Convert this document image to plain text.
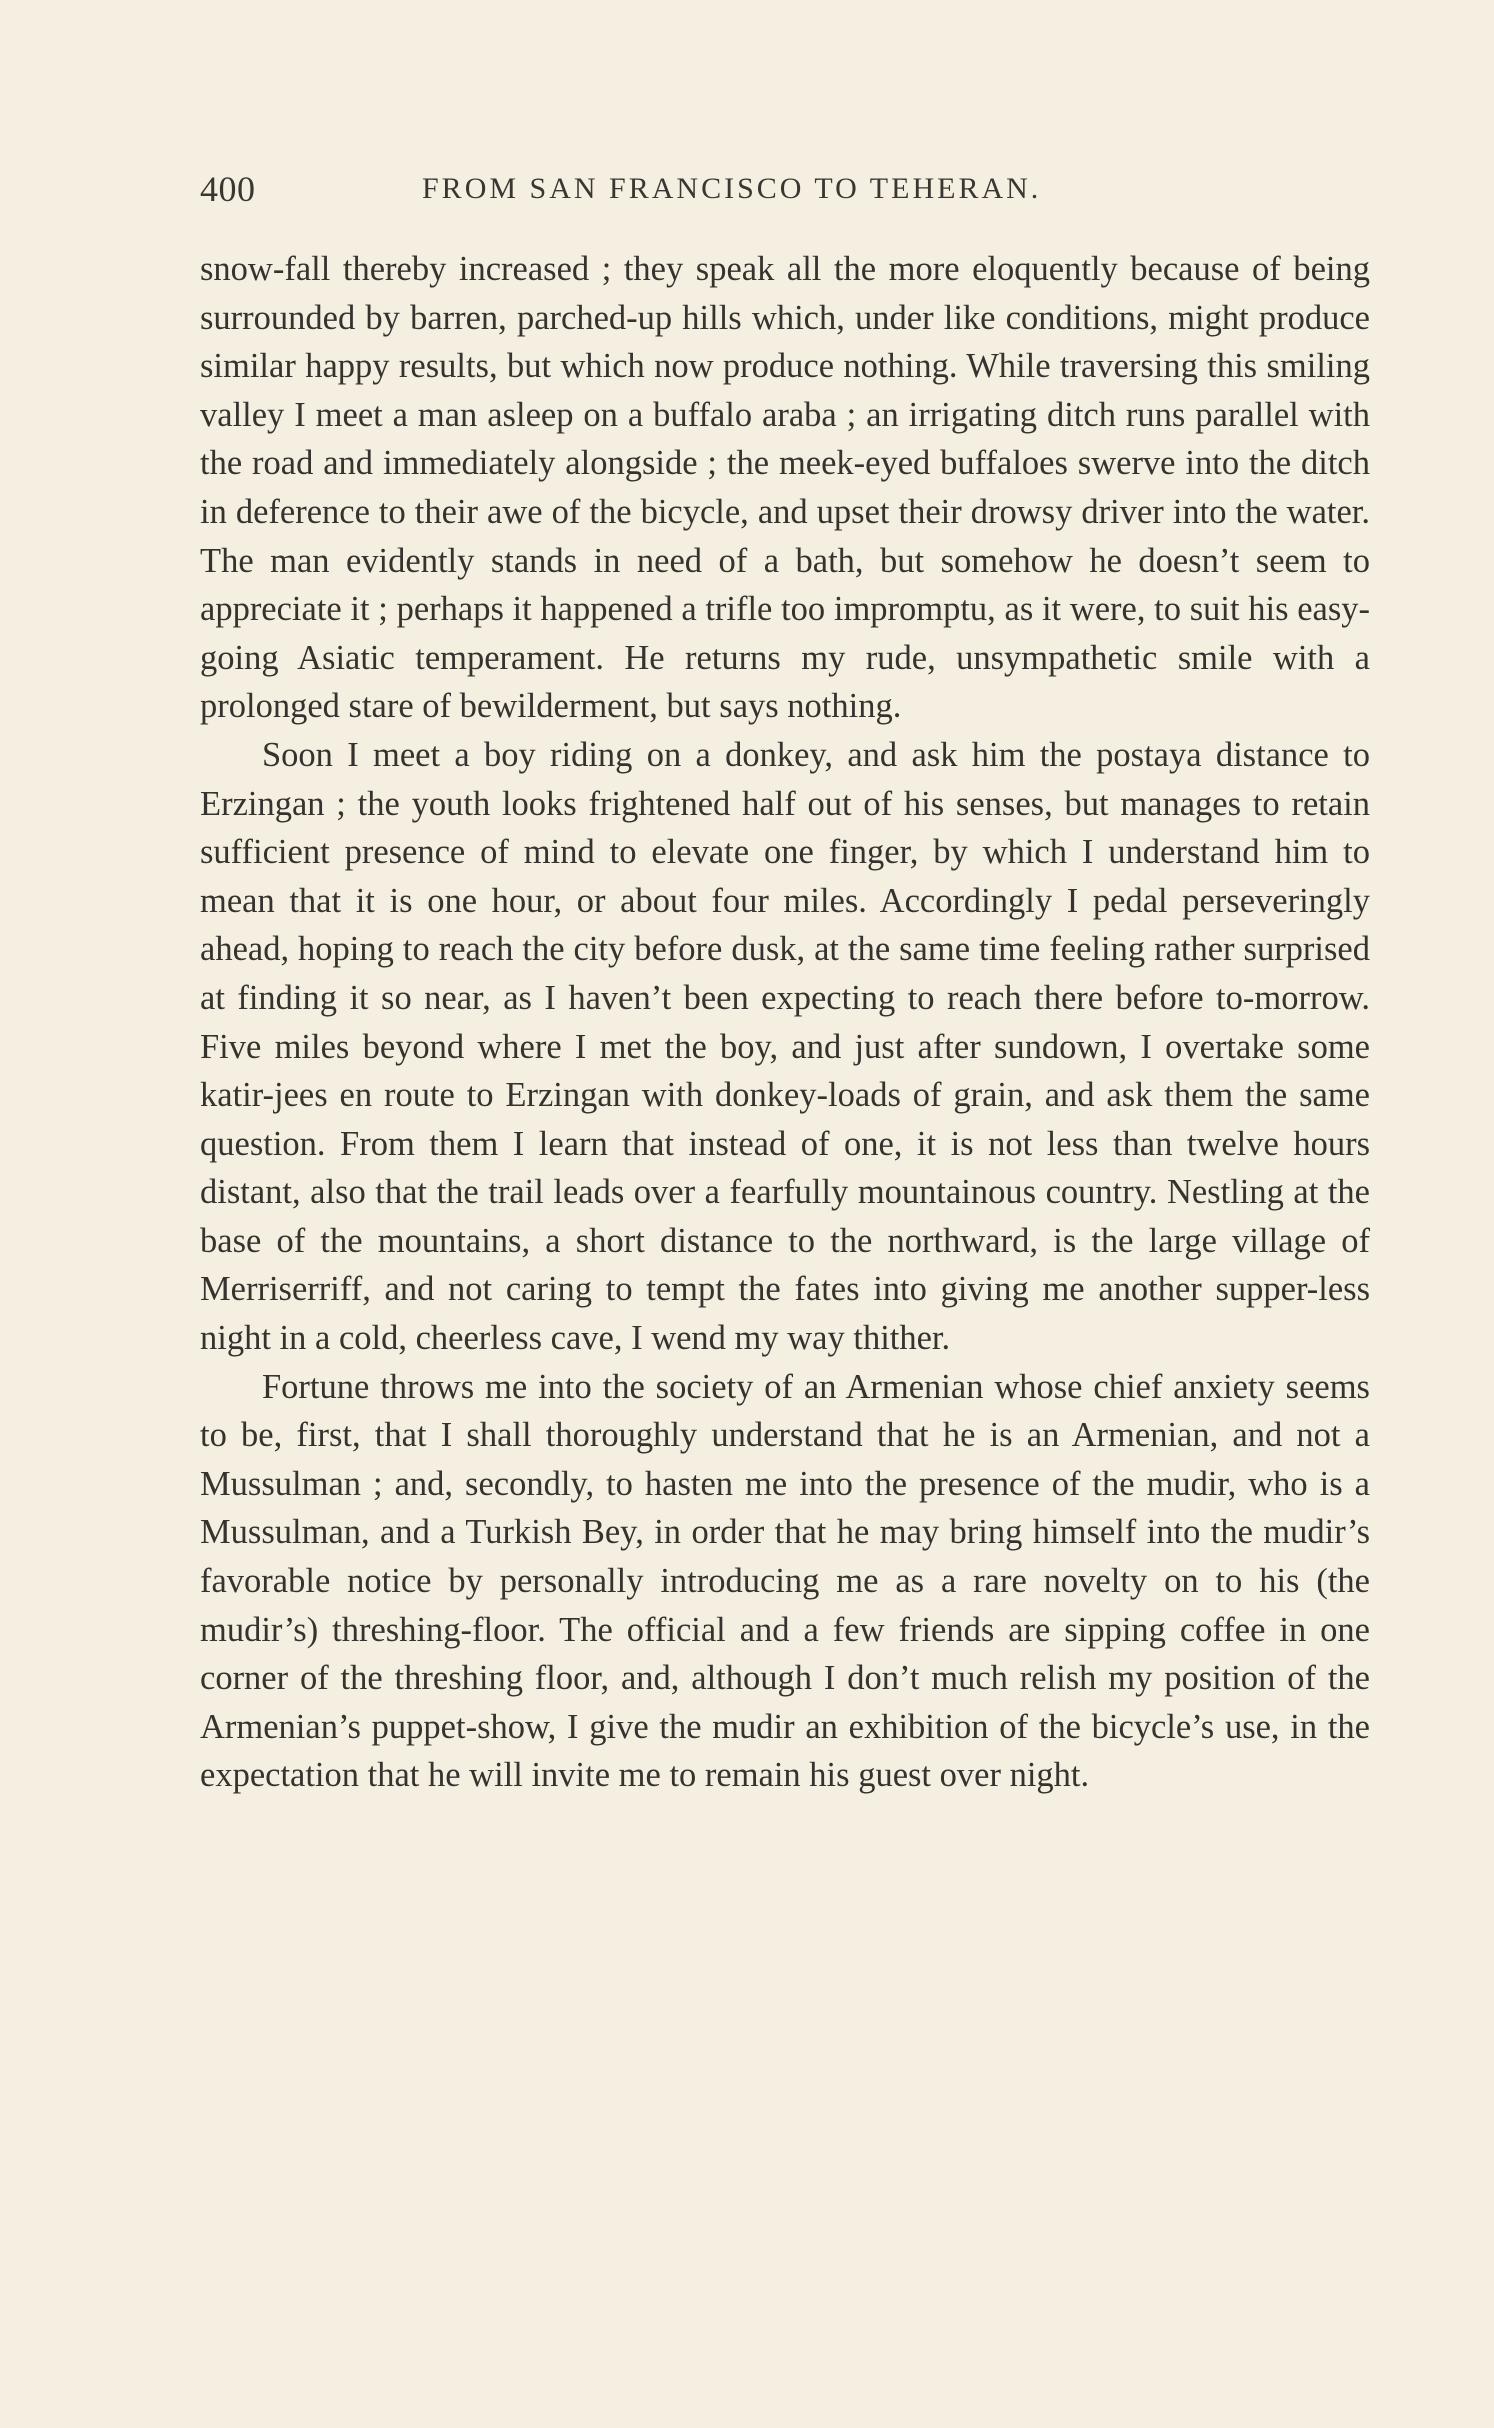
400	FROM SAN FRANCISCO TO TEHERAN.

snow-fall thereby increased ; they speak all the more eloquently because of being surrounded by barren, parched-up hills which, under like conditions, might produce similar happy results, but which now produce nothing. While traversing this smiling valley I meet a man asleep on a buffalo araba ; an irrigating ditch runs parallel with the road and immediately alongside ; the meek-eyed buffaloes swerve into the ditch in deference to their awe of the bicycle, and upset their drowsy driver into the water. The man evidently stands in need of a bath, but somehow he doesn’t seem to appreciate it ; perhaps it happened a trifle too impromptu, as it were, to suit his easy-going Asiatic temperament. He returns my rude, unsympathetic smile with a prolonged stare of bewilderment, but says nothing.

Soon I meet a boy riding on a donkey, and ask him the postaya distance to Erzingan ; the youth looks frightened half out of his senses, but manages to retain sufficient presence of mind to elevate one finger, by which I understand him to mean that it is one hour, or about four miles. Accordingly I pedal perseveringly ahead, hoping to reach the city before dusk, at the same time feeling rather surprised at finding it so near, as I haven’t been expecting to reach there before to-morrow. Five miles beyond where I met the boy, and just after sundown, I overtake some katir-jees en route to Erzingan with donkey-loads of grain, and ask them the same question. From them I learn that instead of one, it is not less than twelve hours distant, also that the trail leads over a fearfully mountainous country. Nestling at the base of the mountains, a short distance to the northward, is the large village of Merriserriff, and not caring to tempt the fates into giving me another supper-less night in a cold, cheerless cave, I wend my way thither.

Fortune throws me into the society of an Armenian whose chief anxiety seems to be, first, that I shall thoroughly understand that he is an Armenian, and not a Mussulman ; and, secondly, to hasten me into the presence of the mudir, who is a Mussulman, and a Turkish Bey, in order that he may bring himself into the mudir’s favorable notice by personally introducing me as a rare novelty on to his (the mudir’s) threshing-floor. The official and a few friends are sipping coffee in one corner of the threshing floor, and, although I don’t much relish my position of the Armenian’s puppet-show, I give the mudir an exhibition of the bicycle’s use, in the expectation that he will invite me to remain his guest over night.
